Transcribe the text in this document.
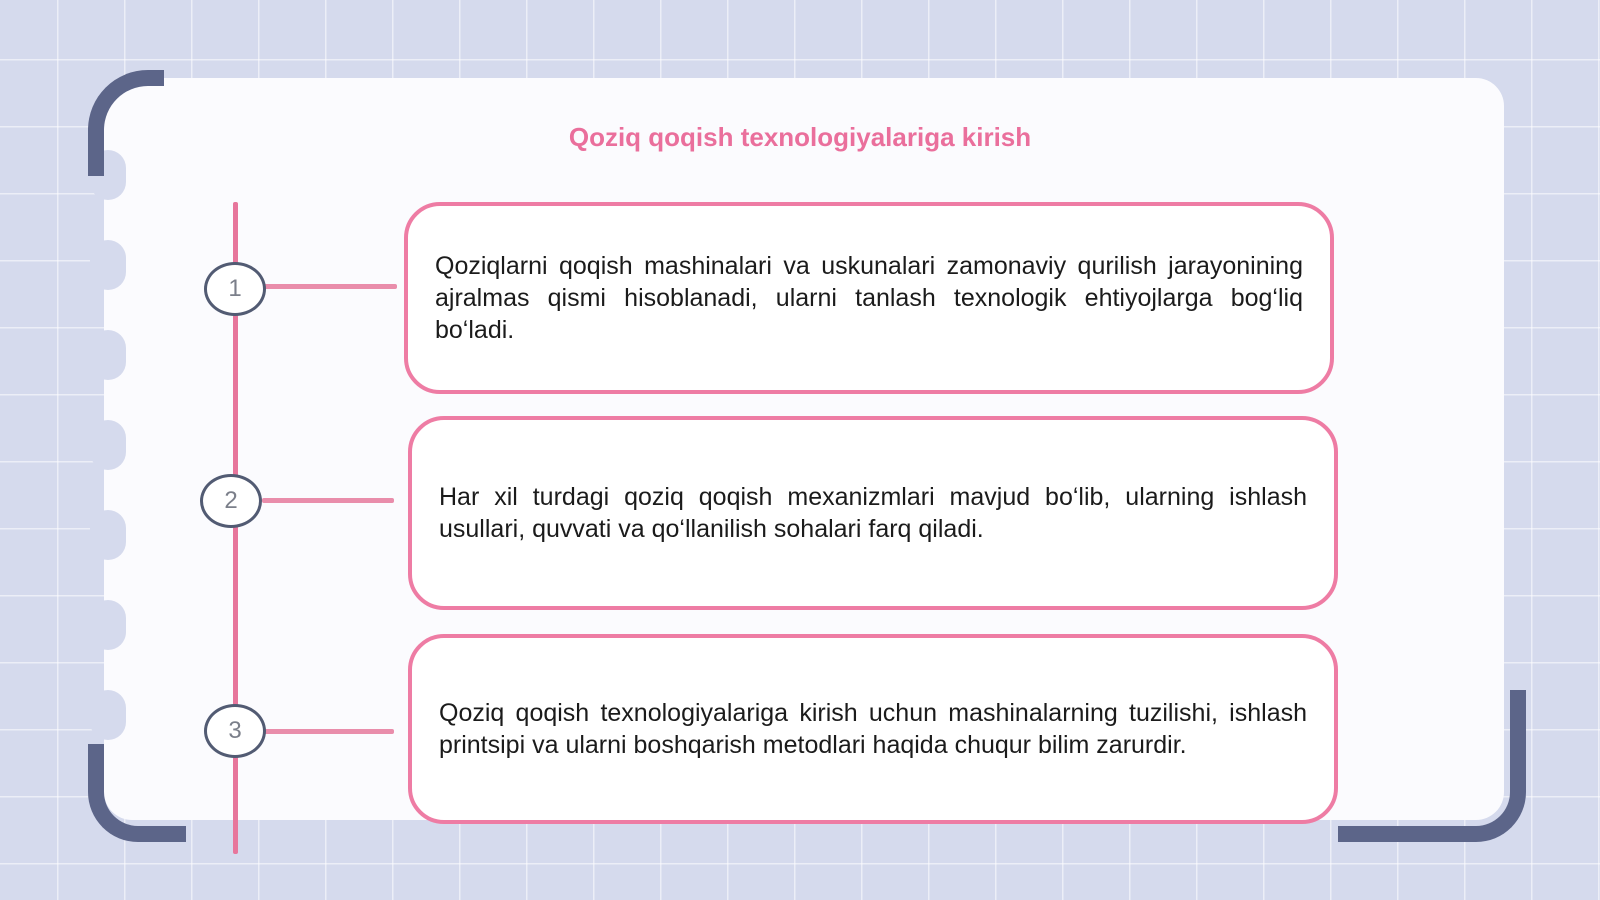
Qoziq qoqish texnologiyalariga kirish
1

Qoziqlarni qoqish mashinalari va uskunalari zamonaviy qurilish jarayonining ajralmas qismi hisoblanadi, ularni tanlash texnologik ehtiyojlarga bog‘liq bo‘ladi.

2	Har xil turdagi qoziq qoqish mexanizmlari mavjud bo‘lib, ularning ishlash usullari, quvvati va qo‘llanilish sohalari farq qiladi.

3

Qoziq qoqish texnologiyalariga kirish uchun mashinalarning tuzilishi, ishlash printsipi va ularni boshqarish metodlari haqida chuqur bilim zarurdir.
